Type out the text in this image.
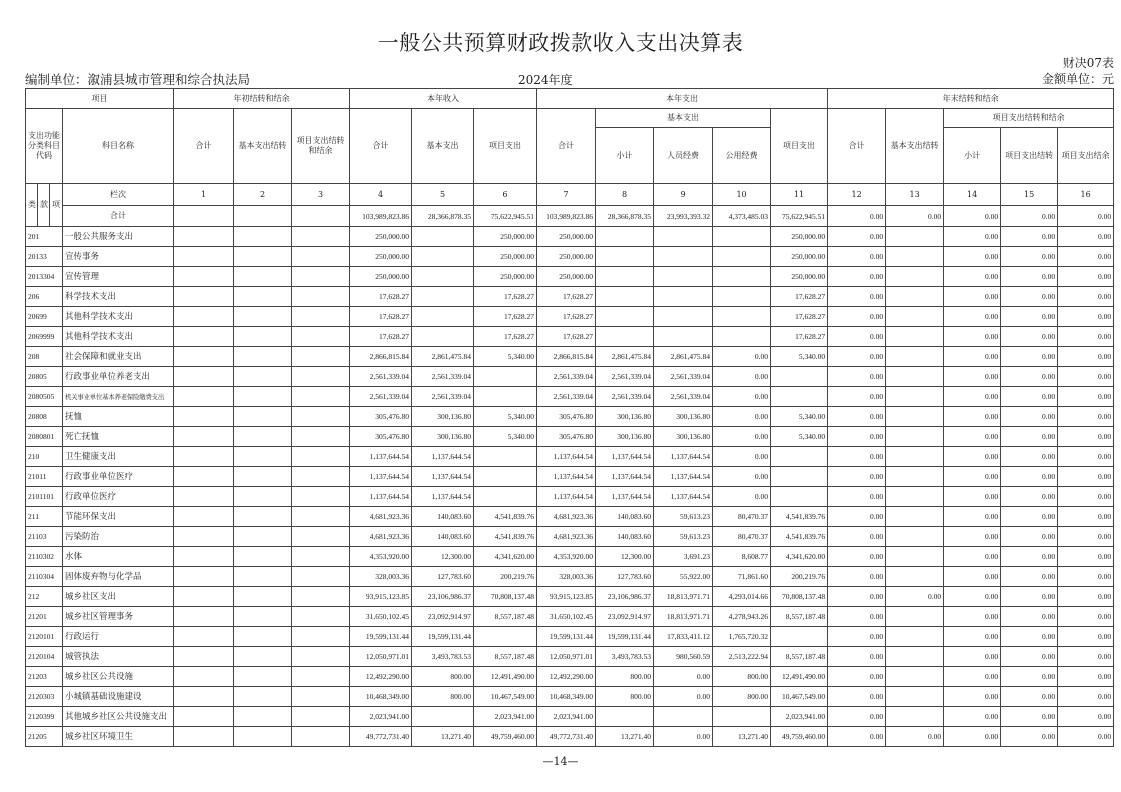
一般公共预算财政拨款收入支出决算表
财决07表
编制单位：溆浦县城市管理和综合执法局	2024年度	金额单位：元
项目				年初结转和结余			本年收入			本年支出					年末结转和结余				
支出功能分类科目代码			科目名称	合计	基本支出结转	项目支出结转和结余	合计	基本支出	项目支出	合计	基本支出			项目支出	合计	基本支出结转	项目支出结转和结余		
											小计	人员经费	公用经费				小计	项目支出结转	项目支出结余
类	款	项	栏次	1	2	3	4	5	6	7	8	9	10	11	12	13	14	15	16
			合计				103,989,823.86	28,366,878.35	75,622,945.51	103,989,823.86	28,366,878.35	23,993,393.32	4,373,485.03	75,622,945.51	0.00	0.00	0.00	0.00	0.00
201			一般公共服务支出				250,000.00		250,000.00	250,000.00				250,000.00	0.00		0.00	0.00	0.00
20133			宣传事务				250,000.00		250,000.00	250,000.00				250,000.00	0.00		0.00	0.00	0.00
2013304			宣传管理				250,000.00		250,000.00	250,000.00				250,000.00	0.00		0.00	0.00	0.00
206			科学技术支出				17,628.27		17,628.27	17,628.27				17,628.27	0.00		0.00	0.00	0.00
20699			其他科学技术支出				17,628.27		17,628.27	17,628.27				17,628.27	0.00		0.00	0.00	0.00
2069999			其他科学技术支出				17,628.27		17,628.27	17,628.27				17,628.27	0.00		0.00	0.00	0.00
208			社会保障和就业支出				2,866,815.84	2,861,475.84	5,340.00	2,866,815.84	2,861,475.84	2,861,475.84	0.00	5,340.00	0.00		0.00	0.00	0.00
20805			行政事业单位养老支出				2,561,339.04	2,561,339.04		2,561,339.04	2,561,339.04	2,561,339.04	0.00		0.00		0.00	0.00	0.00
2080505			机关事业单位基本养老保险缴费支出				2,561,339.04	2,561,339.04		2,561,339.04	2,561,339.04	2,561,339.04	0.00		0.00		0.00	0.00	0.00
20808			抚恤				305,476.80	300,136.80	5,340.00	305,476.80	300,136.80	300,136.80	0.00	5,340.00	0.00		0.00	0.00	0.00
2080801			死亡抚恤				305,476.80	300,136.80	5,340.00	305,476.80	300,136.80	300,136.80	0.00	5,340.00	0.00		0.00	0.00	0.00
210			卫生健康支出				1,137,644.54	1,137,644.54		1,137,644.54	1,137,644.54	1,137,644.54	0.00		0.00		0.00	0.00	0.00
21011			行政事业单位医疗				1,137,644.54	1,137,644.54		1,137,644.54	1,137,644.54	1,137,644.54	0.00		0.00		0.00	0.00	0.00
2101101			行政单位医疗				1,137,644.54	1,137,644.54		1,137,644.54	1,137,644.54	1,137,644.54	0.00		0.00		0.00	0.00	0.00
211			节能环保支出				4,681,923.36	140,083.60	4,541,839.76	4,681,923.36	140,083.60	59,613.23	80,470.37	4,541,839.76	0.00		0.00	0.00	0.00
21103			污染防治				4,681,923.36	140,083.60	4,541,839.76	4,681,923.36	140,083.60	59,613.23	80,470.37	4,541,839.76	0.00		0.00	0.00	0.00
2110302			水体				4,353,920.00	12,300.00	4,341,620.00	4,353,920.00	12,300.00	3,691.23	8,608.77	4,341,620.00	0.00		0.00	0.00	0.00
2110304			固体废弃物与化学品				328,003.36	127,783.60	200,219.76	328,003.36	127,783.60	55,922.00	71,861.60	200,219.76	0.00		0.00	0.00	0.00
212			城乡社区支出				93,915,123.85	23,106,986.37	70,808,137.48	93,915,123.85	23,106,986.37	18,813,971.71	4,293,014.66	70,808,137.48	0.00	0.00	0.00	0.00	0.00
21201			城乡社区管理事务				31,650,102.45	23,092,914.97	8,557,187.48	31,650,102.45	23,092,914.97	18,813,971.71	4,278,943.26	8,557,187.48	0.00		0.00	0.00	0.00
2120101			行政运行				19,599,131.44	19,599,131.44		19,599,131.44	19,599,131.44	17,833,411.12	1,765,720.32		0.00		0.00	0.00	0.00
2120104			城管执法				12,050,971.01	3,493,783.53	8,557,187.48	12,050,971.01	3,493,783.53	980,560.59	2,513,222.94	8,557,187.48	0.00		0.00	0.00	0.00
21203			城乡社区公共设施				12,492,290.00	800.00	12,491,490.00	12,492,290.00	800.00	0.00	800.00	12,491,490.00	0.00		0.00	0.00	0.00
2120303			小城镇基础设施建设				10,468,349.00	800.00	10,467,549.00	10,468,349.00	800.00	0.00	800.00	10,467,549.00	0.00		0.00	0.00	0.00
2120399			其他城乡社区公共设施支出				2,023,941.00		2,023,941.00	2,023,941.00				2,023,941.00	0.00		0.00	0.00	0.00
21205			城乡社区环境卫生				49,772,731.40	13,271.40	49,759,460.00	49,772,731.40	13,271.40	0.00	13,271.40	49,759,460.00	0.00	0.00	0.00	0.00	0.00
—14—
